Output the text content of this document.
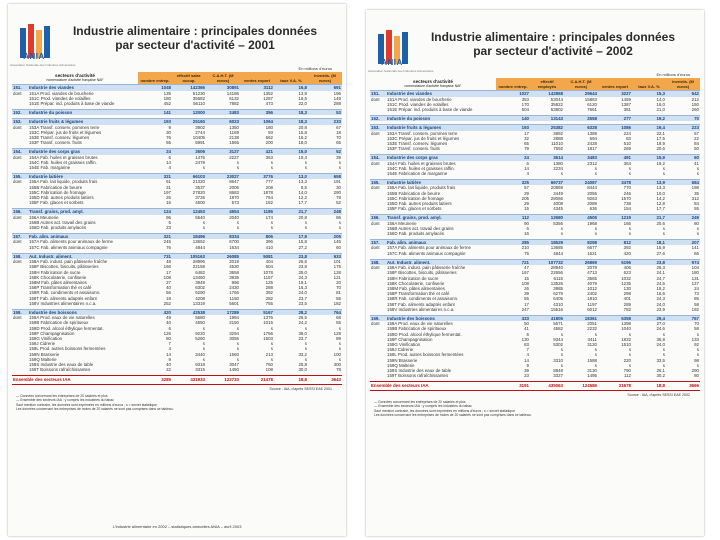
ANIA
Association Nationale des Industries Alimentaires
Industrie alimentaire : principales données
par secteur d'activité – 2001
En millions d'euros
secteurs d'activité
nomenclature d'activité française NAF		nombre entrep.	effectif salar. occup.	C.A.H.T. (M euros)	ventes export	taux V.A. %	investis. (M euros)
151.	Industrie des viandes	1048	142366	30891	3112	16,8	691
dont	151A Prod. viandes de boucherie	135	51230	14186	1352	13,9	196
	151C Prod. viandes de volailles	180	35682	6132	1287	16,5	149
	151E Prépar. ind. produits à base de viande	452	56110	7882	473	22,0	288

152.	Industrie du poisson	141	12000	2483	356	18,3	53

153.	Industrie fruits & légumes	193	25160	6023	1064	18,3	233
dont	153A Transf. conserv. pommes terre	9	3902	1350	180	20,8	67
	153C Prépar. jus de fruits et légumes	30	2744	1169	93	15,8	18
	153E Transf. conserv. légumes	76	10405	2138	662	16,2	70
	153F Transf. conserv. fruits	55	5991	1565	200	18,0	65

154.	Industrie des corps gras	24	3506	3127	421	15,0	52
dont	154A Fab. huiles et graisses brutes	6	1476	2227	363	19,4	39
	154C Fab. huiles et graisses raffin.	14	2478	s	s	s	s
	154E Fab. margarine	4	s	s	s	s	s

155.	Industrie laitière	321	66103	23027	3776	13,0	658
dont	155A Fab. lait liquide, produits frais	51	21320	8647	777	13,3	191
	155B Fabrication de beurre	31	3537	2006	208	8,5	30
	155C Fabrication de fromage	197	27820	8683	1878	14,0	290
	155D Fab. autres produits laitiers	26	3726	1870	764	12,2	78
	155F Fab. glaces et sorbets	16	4500	573	152	17,7	52

156.	Transf. grains, prod. amyl.	124	12453	4554	1185	21,7	248
dont	156A Meunerie	96	5540	2040	174	20,8	86
	156B Autres act. travail des grains	5	s	s	s	s	s
	156D Fab. produits amylacés	23	s	s	s	s	s

157.	Fab. alim. animaux	321	18496	8334	806	17,9	205
dont	157A Fab. aliments pour animaux de ferme	245	13652	6700	396	15,8	145
	157C Fab. aliments animaux compagnie	76	4844	1634	410	27,2	60

158.	Aut. Industr. aliment.	731	105163	26085	5081	23,8	933
dont	158A Fab. indust. pain pâtisserie fraîche	48	28996	2019	404	26,5	101
	158F Biscottes, biscuits, pâtisseries	166	22158	4530	604	23,8	175
	158H Fabrication de sucre	17	6482	3658	1078	25,0	128
	158K Chocolaterie, confiserie	108	13460	3935	1157	24,3	121
	158M Fab. pâtes alimentaires	27	3948	996	125	19,1	20
	158P Transformation thé et café	40	6302	2430	288	16,3	70
	158R Fab. condiments et assaisonn.	56	6290	1766	392	24,0	81
	158T Fab. aliments adaptés enfant	18	4208	1150	282	23,7	55
	158V Industries alimentaires n.c.a.	252	13319	5601	755	23,5	182

159.	Industrie des boissons	420	42538	17289	5167	28,2	764
dont	159A Prod. eaux de vie naturelles	49	5680	1994	1376	26,5	68
	159B Fabrication de spiritueux	40	4550	2150	1015	24,2	55
	159D Prod. alcool éthylique fermentat.	6	s	s	s	s	s
	159F Champagnisation	126	9220	3294	1756	36,0	129
	159G Vinification	80	5260	3056	1503	23,7	89
	159J Cidrerie	7	s	s	s	s	s
	159L Prod. autres boissons fermentées	4	s	s	s	s	s
	159N Brasserie	14	3440	1560	213	33,2	100
	159Q Malterie	9	s	s	s	s	s
	159S Industrie des eaux de table	40	9318	3047	760	25,8	300
	159T Boissons rafraîchissantes	22	3315	1450	108	30,0	78

Ensemble des secteurs IAA		3285	431933	122733	21478	18,8	3643
Source : IAA, d'après SESSI EAE 2001
— Données concernant les entreprises de 20 salariés et plus
— Ensemble des secteurs IAA : y compris les industries du tabac
Sauf mention contraire, les données sont exprimées en millions d'euros ; s = secret statistique
Les données concernant les entreprises de moins de 20 salariés ne sont pas comprises dans ce tableau.
L'industrie alimentaire en 2002 – statistiques annuelles ANIA – avril 2003
ANIA
Association Nationale des Industries Alimentaires
Industrie alimentaire : principales données
par secteur d'activité – 2002
En millions d'euros
secteurs d'activité
nomenclature d'activité française NAF		nombre entrep.	effectif employés	C.A.H.T. (M euros)	ventes export	taux V.A. %	investis. (M euros)
151.	Industrie des viandes	1027	142868	29644	3227	15,3	642
dont	151A Prod. viandes de boucherie	353	53044	15863	1459	14,0	212
	151C Prod. viandes de volailles	170	35822	6120	1387	16,0	150
	151E Prépar. ind. produits à base de viande	504	53802	7661	381	21,0	260

152.	Industrie du poisson	140	13143	2558	277	19,2	70

153.	Industrie fruits & légumes	193	25382	6328	1086	19,4	223
dont	153A Transf. conserv. pommes terre	17	3892	1389	224	22,1	67
	153C Prépar. jus de fruits et légumes	32	2888	694	83	17,5	22
	153E Transf. conserv. légumes	65	11010	2428	510	18,9	84
	153F Transf. conserv. fruits	79	7592	1817	269	20,6	50

154.	Industrie des corps gras	24	3614	3483	491	15,9	60
dont	154A Fab. huiles et graisses brutes	6	1380	2312	364	19,2	41
	154C Fab. huiles et graisses raffin.	14	2234	s	s	s	s
	154E Fabrication de margarine	4	s	s	s	s	s

155.	Industrie laitière	325	66737	24087	3478	13,9	684
dont	155A Fab. lait liquide, produits frais	57	20869	8444	770	13,3	198
	155B Fabrication de beurre	29	3449	2055	246	10,0	35
	155C Fabrication de fromage	205	28066	9263	1570	14,2	312
	155D Fab. autres produits laitiers	29	4008	2089	738	12,8	84
	155F Fab. glaces et sorbets	15	4345	636	154	17,7	55

156.	Transf. grains, prod. amyl.	112	12680	4505	1219	21,7	249
dont	156A Meunerie	90	5356	1968	166	20,6	80
	156B Autres act. travail des grains	6	s	s	s	s	s
	156D Fab. produits amylacés	16	s	s	s	s	s

157.	Fab. alim. animaux	285	18529	8298	812	18,1	207
dont	157A Fab. aliments pour animaux de ferme	210	13685	6677	392	15,9	141
	157C Fab. aliments animaux compagnie	75	4844	1621	420	27,6	66

158.	Aut. Industr. aliment.	721	107732	26869	5196	23,8	974
dont	158A Fab. indust. pain pâtisserie fraîche	47	28940	2079	406	26,3	104
	158F Biscottes, biscuits, pâtisseries	167	22656	4713	623	24,1	180
	158H Fabrication de sucre	15	6115	3565	1032	24,7	131
	158K Chocolaterie, confiserie	108	13526	4079	1235	24,5	127
	158M Fab. pâtes alimentaires	26	3985	1012	130	19,2	24
	158P Transformation thé et café	39	6279	2402	298	16,6	73
	158R Fab. condiments et assaisonn.	55	6405	1810	401	24,3	85
	158T Fab. aliments adaptés enfant	17	4310	1197	289	24,0	58
	158V Industries alimentaires n.c.a.	247	15516	6012	782	23,9	192

159.	Industrie des boissons	433	41805	18361	5358	29,4	767
dont	159A Prod. eaux de vie naturelles	50	5671	2051	1398	27,0	70
	159B Fabrication de spiritueux	41	4582	2232	1040	24,6	58
	159D Prod. alcool éthylique fermentat.	6	s	s	s	s	s
	159F Champagnisation	130	9344	3411	1832	36,8	133
	159G Vinification	83	5302	3120	1510	24,0	92
	159J Cidrerie	7	s	s	s	s	s
	159L Prod. autres boissons fermentées	4	s	s	s	s	s
	159N Brasserie	14	3310	1588	220	33,5	98
	159Q Malterie	9	s	s	s	s	s
	159S Industrie des eaux de table	39	8848	3130	790	26,1	290
	159T Boissons rafraîchissantes	23	3327	1495	112	30,2	80

Ensemble des secteurs IAA		3191	435063	124586	21678	18,8	3666
Source : IAA, d'après SESSI EAE 2002
— Données concernant les entreprises de 20 salariés et plus
— Ensemble des secteurs IAA : y compris les industries du tabac
Sauf mention contraire, les données sont exprimées en millions d'euros ; s = secret statistique
Les données concernant les entreprises de moins de 20 salariés ne sont pas comprises dans ce tableau.
